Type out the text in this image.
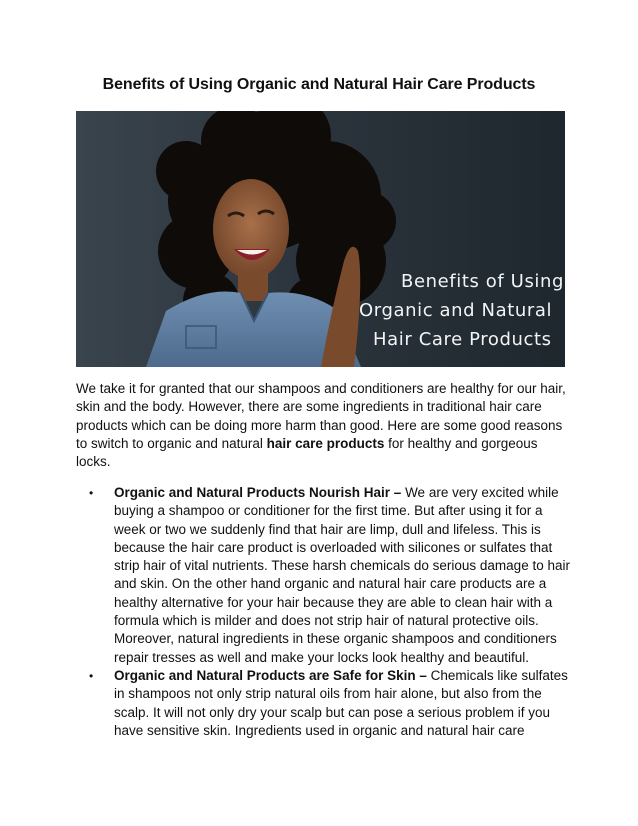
Benefits of Using Organic and Natural Hair Care Products
Benefits of Using
Organic and Natural
Hair Care Products

We take it for granted that our shampoos and conditioners are healthy for our hair, skin and the body. However, there are some ingredients in traditional hair care products which can be doing more harm than good. Here are some good reasons to switch to organic and natural hair care products for healthy and gorgeous locks.

• Organic and Natural Products Nourish Hair – We are very excited while buying a shampoo or conditioner for the first time. But after using it for a week or two we suddenly find that hair are limp, dull and lifeless. This is because the hair care product is overloaded with silicones or sulfates that strip hair of vital nutrients. These harsh chemicals do serious damage to hair and skin. On the other hand organic and natural hair care products are a healthy alternative for your hair because they are able to clean hair with a formula which is milder and does not strip hair of natural protective oils. Moreover, natural ingredients in these organic shampoos and conditioners repair tresses as well and make your locks look healthy and beautiful.
• Organic and Natural Products are Safe for Skin – Chemicals like sulfates in shampoos not only strip natural oils from hair alone, but also from the scalp. It will not only dry your scalp but can pose a serious problem if you have sensitive skin. Ingredients used in organic and natural hair care
